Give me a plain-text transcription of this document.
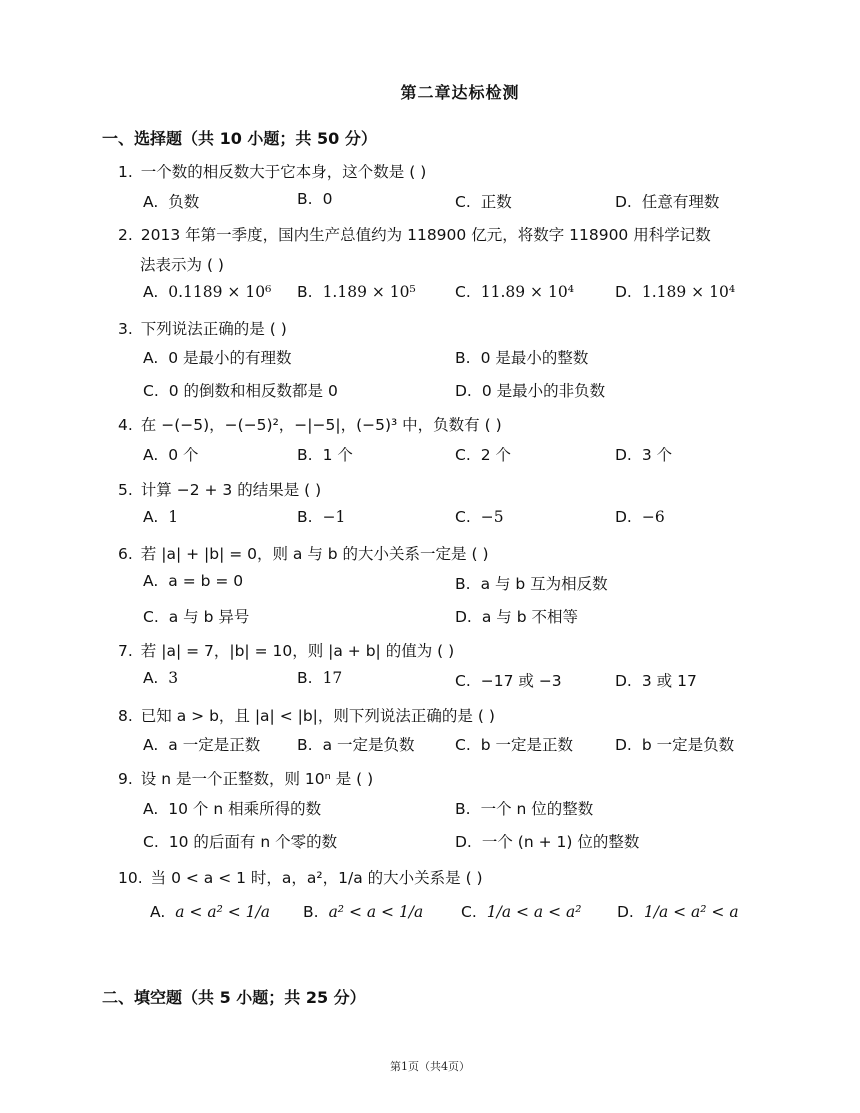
第二章达标检测
一、选择题（共 10 小题；共 50 分）
1. 一个数的相反数大于它本身，这个数是 ( )
A. 负数	B. 0	C. 正数	D. 任意有理数
2. 2013 年第一季度，国内生产总值约为 118900 亿元，将数字 118900 用科学记数
法表示为 ( )
A. 0.1189 × 10⁶ B. 1.189 × 10⁵	C. 11.89 × 10⁴	D. 1.189 × 10⁴
3. 下列说法正确的是 ( )
A. 0 是最小的有理数	B. 0 是最小的整数
C. 0 的倒数和相反数都是 0	D. 0 是最小的非负数
4. 在 −(−5)，−(−5)²，−|−5|，(−5)³ 中，负数有 ( )
A. 0 个	B. 1 个	C. 2 个	D. 3 个
5. 计算 −2 + 3 的结果是 ( )
A. 1	B. −1	C. −5	D. −6
6. 若 |a| + |b| = 0，则 a 与 b 的大小关系一定是 ( )
A. a = b = 0	B. a 与 b 互为相反数
C. a 与 b 异号	D. a 与 b 不相等
7. 若 |a| = 7，|b| = 10，则 |a + b| 的值为 ( )
A. 3	B. 17	C. −17 或 −3	D. 3 或 17
8. 已知 a > b，且 |a| < |b|，则下列说法正确的是 ( )
A. a 一定是正数 B. a 一定是负数	C. b 一定是正数	D. b 一定是负数
9. 设 n 是一个正整数，则 10ⁿ 是 ( )
A. 10 个 n 相乘所得的数	B. 一个 n 位的整数
C. 10 的后面有 n 个零的数	D. 一个 (n + 1) 位的整数
10. 当 0 < a < 1 时，a，a²，1/a 的大小关系是 ( )
A. a < a² < 1/a B. a² < a < 1/a C. 1/a < a < a² D. 1/a < a² < a
二、填空题（共 5 小题；共 25 分）
第1页（共4页）
